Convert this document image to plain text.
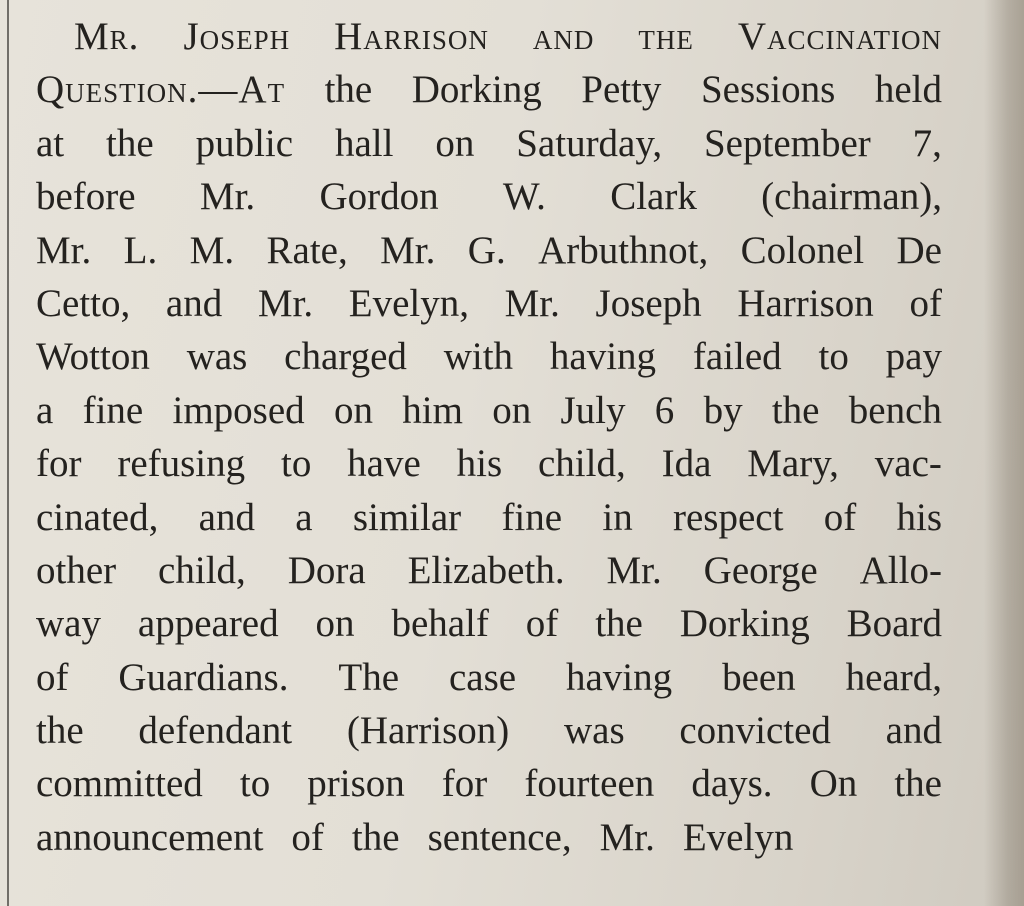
Mr. Joseph Harrison and the Vaccination
Question.—At the Dorking Petty Sessions held
at the public hall on Saturday, September 7,
before Mr. Gordon W. Clark (chairman),
Mr. L. M. Rate, Mr. G. Arbuthnot, Colonel De
Cetto, and Mr. Evelyn, Mr. Joseph Harrison of
Wotton was charged with having failed to pay
a fine imposed on him on July 6 by the bench
for refusing to have his child, Ida Mary, vac-
cinated, and a similar fine in respect of his
other child, Dora Elizabeth. Mr. George Allo-
way appeared on behalf of the Dorking Board
of Guardians. The case having been heard,
the defendant (Harrison) was convicted and
committed to prison for fourteen days. On the
announcement of the sentence, Mr. Evelyn
